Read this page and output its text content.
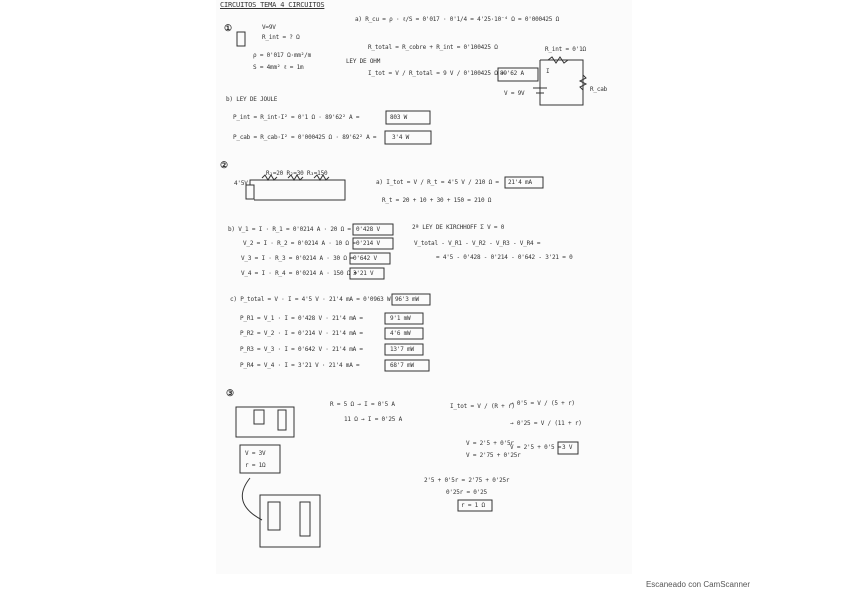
CIRCUITOS TEMA 4 CIRCUITOS
①	V=9V
R_int = ? Ω
ρ = 0'017 Ω·mm²/m
S = 4mm² ℓ = 1m
a) R_cu = ρ · ℓ/S = 0'017 · 0'1/4 = 4'25·10⁻⁴ Ω = 0'000425 Ω
R_total = R_cobre + R_int = 0'100425 Ω
LEY DE OHM
I_tot = V / R_total = 9 V / 0'100425 Ω =
89'62 A
R_int = 0'1Ω
I
V = 9V
R_cab
b) LEY DE JOULE
P_int = R_int·I² = 0'1 Ω · 89'62² A =	803 W
P_cab = R_cab·I² = 0'000425 Ω · 89'62² A =	3'4 W
②
4'5V
R₁=20 R₂=30 R₃=150
a) I_tot = V / R_t = 4'5 V / 210 Ω = 21'4 mA
R_t = 20 + 10 + 30 + 150 = 210 Ω
b) V_1 = I · R_1 = 0'0214 A · 20 Ω =
V_2 = I · R_2 = 0'0214 A · 10 Ω =
V_3 = I · R_3 = 0'0214 A · 30 Ω =
V_4 = I · R_4 = 0'0214 A · 150 Ω =
0'428 V
0'214 V
0'642 V
3'21 V
2ª LEY DE KIRCHHOFF Σ V = 0
V_total - V_R1 - V_R2 - V_R3 - V_R4 =
= 4'5 - 0'428 - 0'214 - 0'642 - 3'21 = 0
c) P_total = V · I = 4'5 V · 21'4 mA = 0'0963 W
P_R1 = V_1 · I = 0'428 V · 21'4 mA =
P_R2 = V_2 · I = 0'214 V · 21'4 mA =
P_R3 = V_3 · I = 0'642 V · 21'4 mA =
P_R4 = V_4 · I = 3'21 V · 21'4 mA =
96'3 mW
9'1 mW
4'6 mW
13'7 mW
68'7 mW
③
V = 3V
r = 1Ω
R = 5 Ω → I = 0'5 A
11 Ω → I = 0'25 A
I_tot = V / (R + r)
→ 0'5 = V / (5 + r)
→ 0'25 = V / (11 + r)
V = 2'5 + 0'5r
V = 2'75 + 0'25r
V = 2'5 + 0'5 = 3 V
2'5 + 0'5r = 2'75 + 0'25r
0'25r = 0'25
r = 1 Ω
Escaneado con CamScanner
